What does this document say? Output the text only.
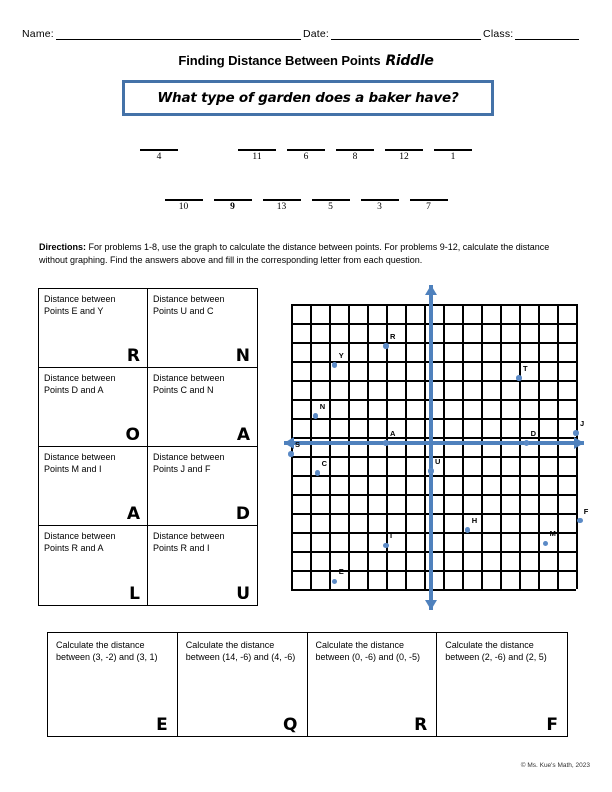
Name:	Date:	Class:
Finding Distance Between Points Riddle
What type of garden does a baker have?
4	11	6	8	12	1
10	9	13	5	3	7
Directions: For problems 1-8, use the graph to calculate the distance between points. For problems 9-12, calculate the distance without graphing. Find the answers above and fill in the corresponding letter from each question.
Distance between Points E and Y
R
Distance between Points U and C
N
Distance between Points D and A
O
Distance between Points C and N
A
Distance between Points M and I
A
Distance between Points J and F
D
Distance between Points R and A
L
Distance between Points R and I
U
R
Y
T
N
J
A	D
S
C	U
F
H
M
I
E
Calculate the distance between (3, -2) and (3, 1)
E
Calculate the distance between (14, -6) and (4, -6)
Q
Calculate the distance between (0, -6) and (0, -5)
R
Calculate the distance between (2, -6) and (2, 5)
F
© Ms. Kue's Math, 2023
